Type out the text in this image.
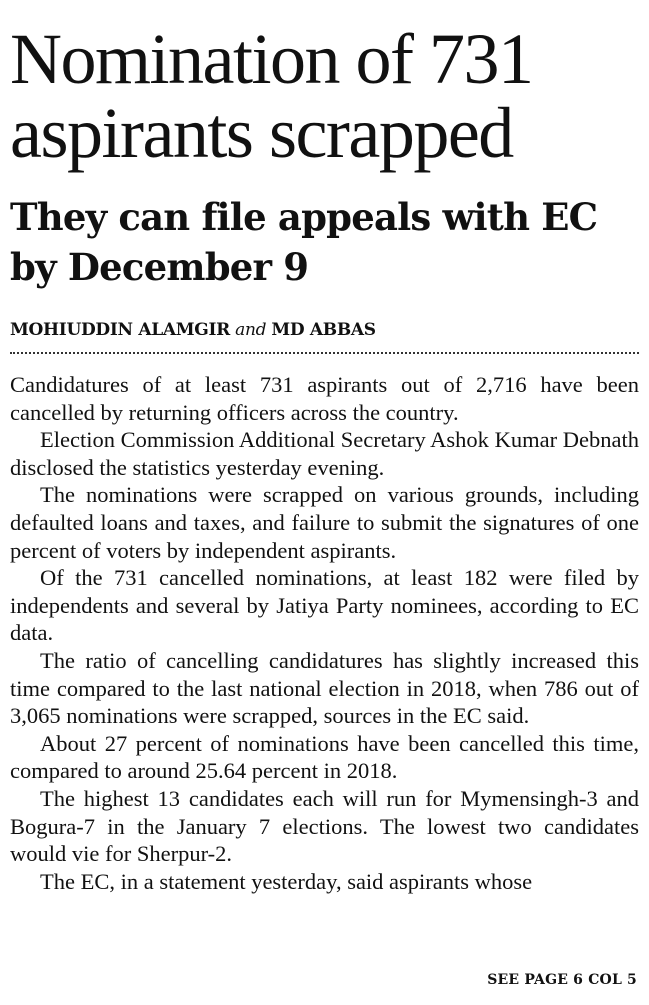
Nomination of 731 aspirants scrapped
They can file appeals with EC by December 9
MOHIUDDIN ALAMGIR and MD ABBAS

Candidatures of at least 731 aspirants out of 2,716 have been cancelled by returning officers across the country.

Election Commission Additional Secretary Ashok Kumar Debnath disclosed the statistics yesterday evening.

The nominations were scrapped on various grounds, including defaulted loans and taxes, and failure to submit the signatures of one percent of voters by independent aspirants.

Of the 731 cancelled nominations, at least 182 were filed by independents and several by Jatiya Party nominees, according to EC data.

The ratio of cancelling candidatures has slightly increased this time compared to the last national election in 2018, when 786 out of 3,065 nominations were scrapped, sources in the EC said.

About 27 percent of nominations have been cancelled this time, compared to around 25.64 percent in 2018.

The highest 13 candidates each will run for Mymensingh-3 and Bogura-7 in the January 7 elections. The lowest two candidates would vie for Sherpur-2.

The EC, in a statement yesterday, said aspirants whose

SEE PAGE 6 COL 5
